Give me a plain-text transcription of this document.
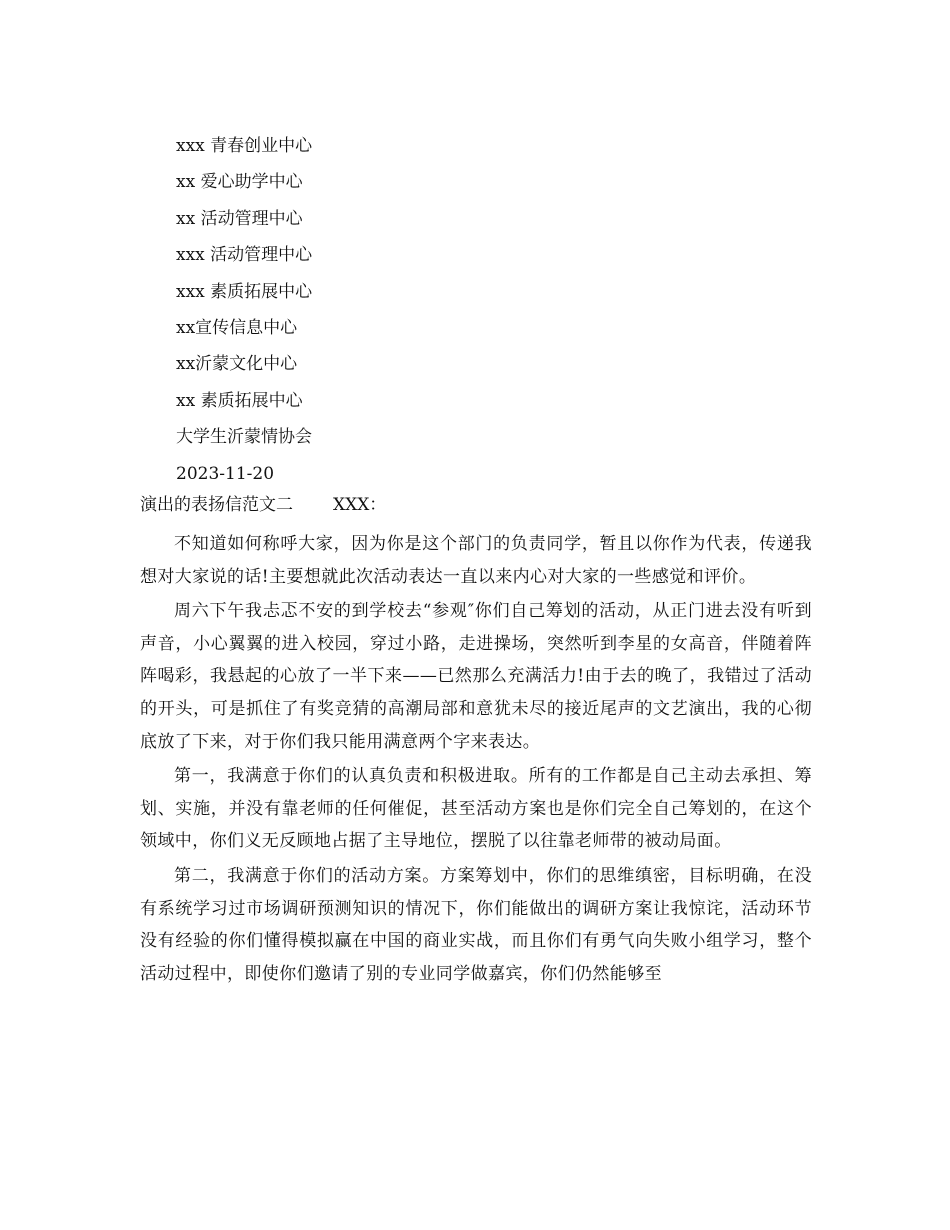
xxx 青春创业中心
xx 爱心助学中心
xx 活动管理中心
xxx 活动管理中心
xxx 素质拓展中心
xx宣传信息中心
xx沂蒙文化中心
xx 素质拓展中心
大学生沂蒙情协会
2023-11-20
演出的表扬信范文二 XXX：

不知道如何称呼大家，因为你是这个部门的负责同学，暂且以你作为代表，传递我想对大家说的话!主要想就此次活动表达一直以来内心对大家的一些感觉和评价。

周六下午我忐忑不安的到学校去“参观″你们自己筹划的活动，从正门进去没有听到声音，小心翼翼的进入校园，穿过小路，走进操场，突然听到李星的女高音，伴随着阵阵喝彩，我悬起的心放了一半下来——已然那么充满活力!由于去的晚了，我错过了活动的开头，可是抓住了有奖竞猜的高潮局部和意犹未尽的接近尾声的文艺演出，我的心彻底放了下来，对于你们我只能用满意两个字来表达。

第一，我满意于你们的认真负责和积极进取。所有的工作都是自己主动去承担、筹划、实施，并没有靠老师的任何催促，甚至活动方案也是你们完全自己筹划的，在这个领域中，你们义无反顾地占据了主导地位，摆脱了以往靠老师带的被动局面。

第二，我满意于你们的活动方案。方案筹划中，你们的思维缜密，目标明确，在没有系统学习过市场调研预测知识的情况下，你们能做出的调研方案让我惊诧，活动环节没有经验的你们懂得模拟赢在中国的商业实战，而且你们有勇气向失败小组学习，整个活动过程中，即使你们邀请了别的专业同学做嘉宾，你们仍然能够至
